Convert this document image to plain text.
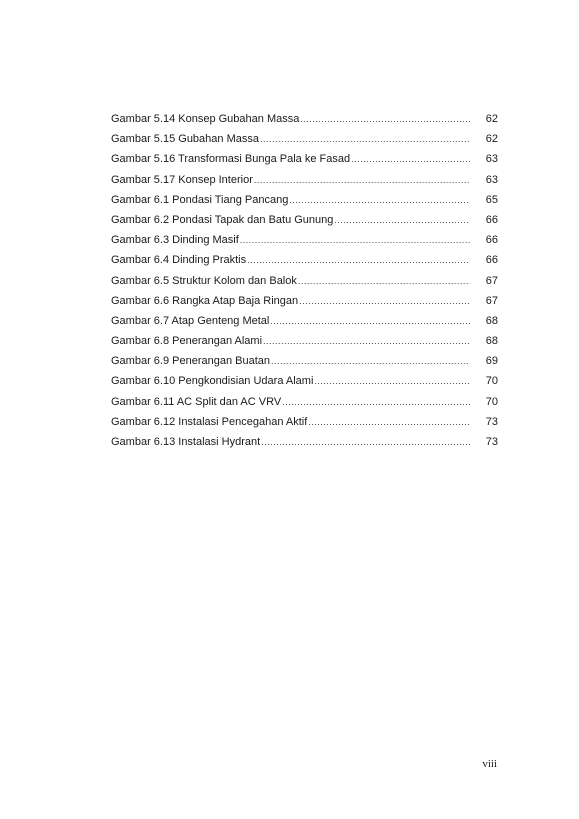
Gambar 5.14 Konsep Gubahan Massa .....	62
Gambar 5.15 Gubahan Massa .....	62
Gambar 5.16 Transformasi Bunga Pala ke Fasad .....	63
Gambar 5.17 Konsep Interior .....	63
Gambar 6.1 Pondasi Tiang Pancang .....	65
Gambar 6.2 Pondasi Tapak dan Batu Gunung .....	66
Gambar 6.3 Dinding Masif .....	66
Gambar 6.4 Dinding Praktis .....	66
Gambar 6.5 Struktur Kolom dan Balok .....	67
Gambar 6.6 Rangka Atap Baja Ringan .....	67
Gambar 6.7 Atap Genteng Metal .....	68
Gambar 6.8 Penerangan Alami .....	68
Gambar 6.9 Penerangan Buatan .....	69
Gambar 6.10 Pengkondisian Udara Alami .....	70
Gambar 6.11 AC Split dan AC VRV .....	70
Gambar 6.12 Instalasi Pencegahan Aktif .....	73
Gambar 6.13 Instalasi Hydrant .....	73
viii
